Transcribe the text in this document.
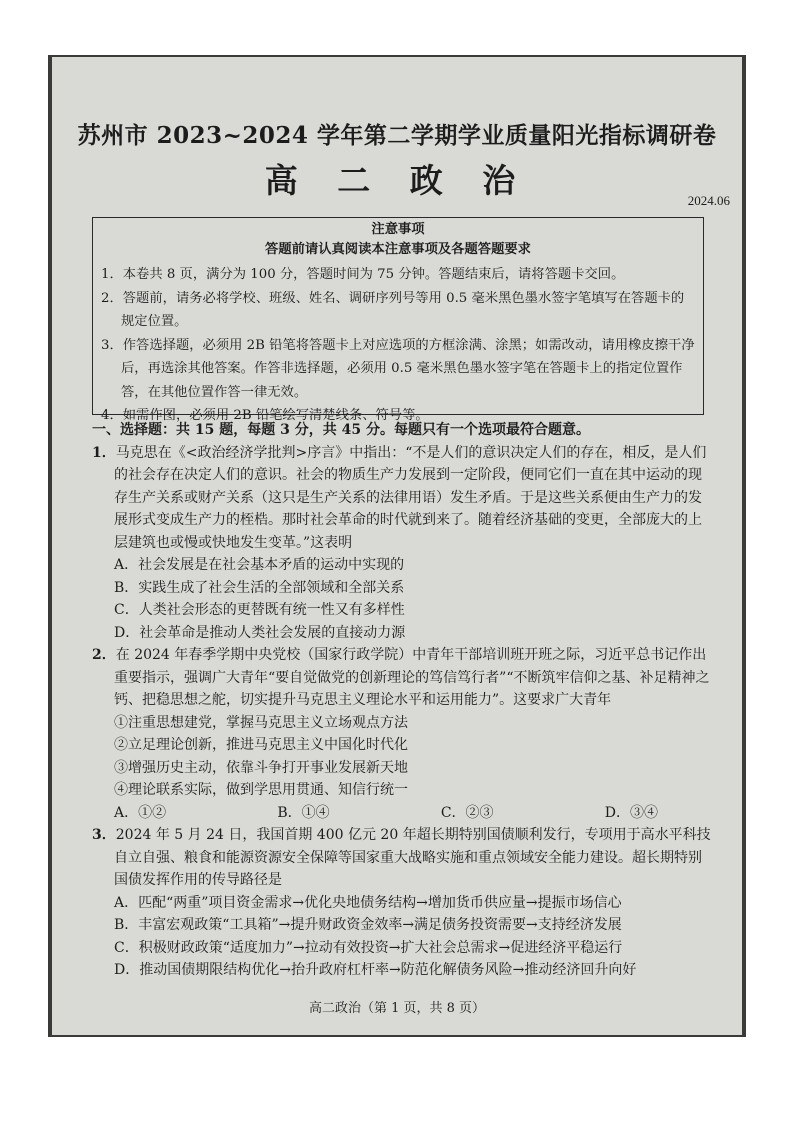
苏州市 2023~2024 学年第二学期学业质量阳光指标调研卷
高 二 政 治
2024.06
注意事项
答题前请认真阅读本注意事项及各题答题要求
1．本卷共 8 页，满分为 100 分，答题时间为 75 分钟。答题结束后，请将答题卡交回。
2．答题前，请务必将学校、班级、姓名、调研序列号等用 0.5 毫米黑色墨水签字笔填写在答题卡的规定位置。
3．作答选择题，必须用 2B 铅笔将答题卡上对应选项的方框涂满、涂黑；如需改动，请用橡皮擦干净后，再选涂其他答案。作答非选择题，必须用 0.5 毫米黑色墨水签字笔在答题卡上的指定位置作答，在其他位置作答一律无效。
4．如需作图，必须用 2B 铅笔绘写清楚线条、符号等。
一、选择题：共 15 题，每题 3 分，共 45 分。每题只有一个选项最符合题意。
1．马克思在《<政治经济学批判>序言》中指出：“不是人们的意识决定人们的存在，相反，是人们的社会存在决定人们的意识。社会的物质生产力发展到一定阶段，便同它们一直在其中运动的现存生产关系或财产关系（这只是生产关系的法律用语）发生矛盾。于是这些关系便由生产力的发展形式变成生产力的桎梏。那时社会革命的时代就到来了。随着经济基础的变更，全部庞大的上层建筑也或慢或快地发生变革。”这表明
A．社会发展是在社会基本矛盾的运动中实现的
B．实践生成了社会生活的全部领域和全部关系
C．人类社会形态的更替既有统一性又有多样性
D．社会革命是推动人类社会发展的直接动力源
2．在 2024 年春季学期中央党校（国家行政学院）中青年干部培训班开班之际，习近平总书记作出重要指示，强调广大青年“要自觉做党的创新理论的笃信笃行者”“不断筑牢信仰之基、补足精神之钙、把稳思想之舵，切实提升马克思主义理论水平和运用能力”。这要求广大青年
①注重思想建党，掌握马克思主义立场观点方法
②立足理论创新，推进马克思主义中国化时代化
③增强历史主动，依靠斗争打开事业发展新天地
④理论联系实际，做到学思用贯通、知信行统一
A．①②	B．①④	C．②③	D．③④
3．2024 年 5 月 24 日，我国首期 400 亿元 20 年超长期特别国债顺利发行，专项用于高水平科技自立自强、粮食和能源资源安全保障等国家重大战略实施和重点领域安全能力建设。超长期特别国债发挥作用的传导路径是
A．匹配“两重”项目资金需求→优化央地债务结构→增加货币供应量→提振市场信心
B．丰富宏观政策“工具箱”→提升财政资金效率→满足债务投资需要→支持经济发展
C．积极财政政策“适度加力”→拉动有效投资→扩大社会总需求→促进经济平稳运行
D．推动国债期限结构优化→抬升政府杠杆率→防范化解债务风险→推动经济回升向好
高二政治（第 1 页，共 8 页）
